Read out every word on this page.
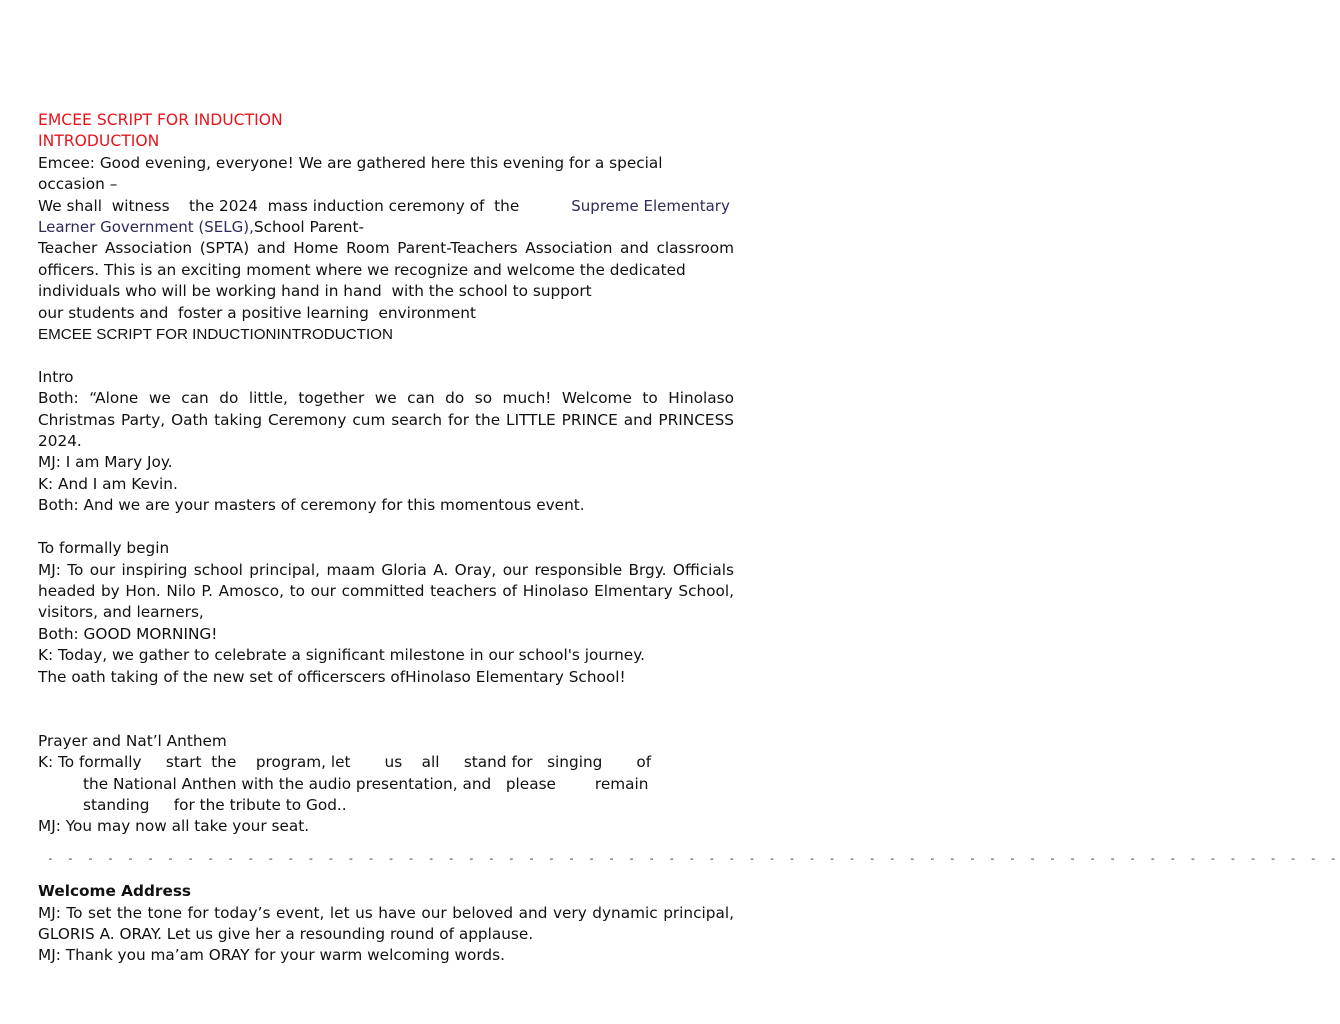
EMCEE SCRIPT FOR INDUCTION

INTRODUCTION

Emcee: Good evening, everyone! We are gathered here this evening for a special occasion –

We shall  witness    the 2024  mass induction ceremony of  the	Supreme Elementary Learner Government (SELG),School Parent-

Teacher Association (SPTA) and Home Room Parent-Teachers Association and classroom officers. This is an exciting moment where we recognize and welcome the dedicated

individuals who will be working hand in hand  with the school to support

our students and  foster a positive learning  environment

EMCEE SCRIPT FOR INDUCTIONINTRODUCTION

Intro

Both: “Alone we can do little, together we can do so much! Welcome to Hinolaso Christmas Party, Oath taking Ceremony cum search for the LITTLE PRINCE and PRINCESS 2024.

MJ: I am Mary Joy.

K: And I am Kevin.

Both: And we are your masters of ceremony for this momentous event.

To formally begin

MJ: To our inspiring school principal, maam Gloria A. Oray, our responsible Brgy. Officials headed by Hon. Nilo P. Amosco, to our committed teachers of Hinolaso Elmentary School, visitors, and learners,

Both: GOOD MORNING!

K: Today, we gather to celebrate a significant milestone in our school's journey.

The oath taking of the new set of officerscers ofHinolaso Elementary School!

Prayer and Nat’l Anthem

K: To formally     start  the    program, let       us    all     stand for   singing       of

the National Anthen with the audio presentation, and   please        remain

standing     for the tribute to God..

MJ: You may now all take your seat.

- - - - - - - - - - - - - - - - - - - - - - - - - - - - - - - - - - - - - - - - - - - - - - - - - - - - - - - - - - - - - - - - -

Welcome Address

MJ: To set the tone for today’s event, let us have our beloved and very dynamic principal, GLORIS A. ORAY. Let us give her a resounding round of applause.

MJ: Thank you ma’am ORAY for your warm welcoming words.
